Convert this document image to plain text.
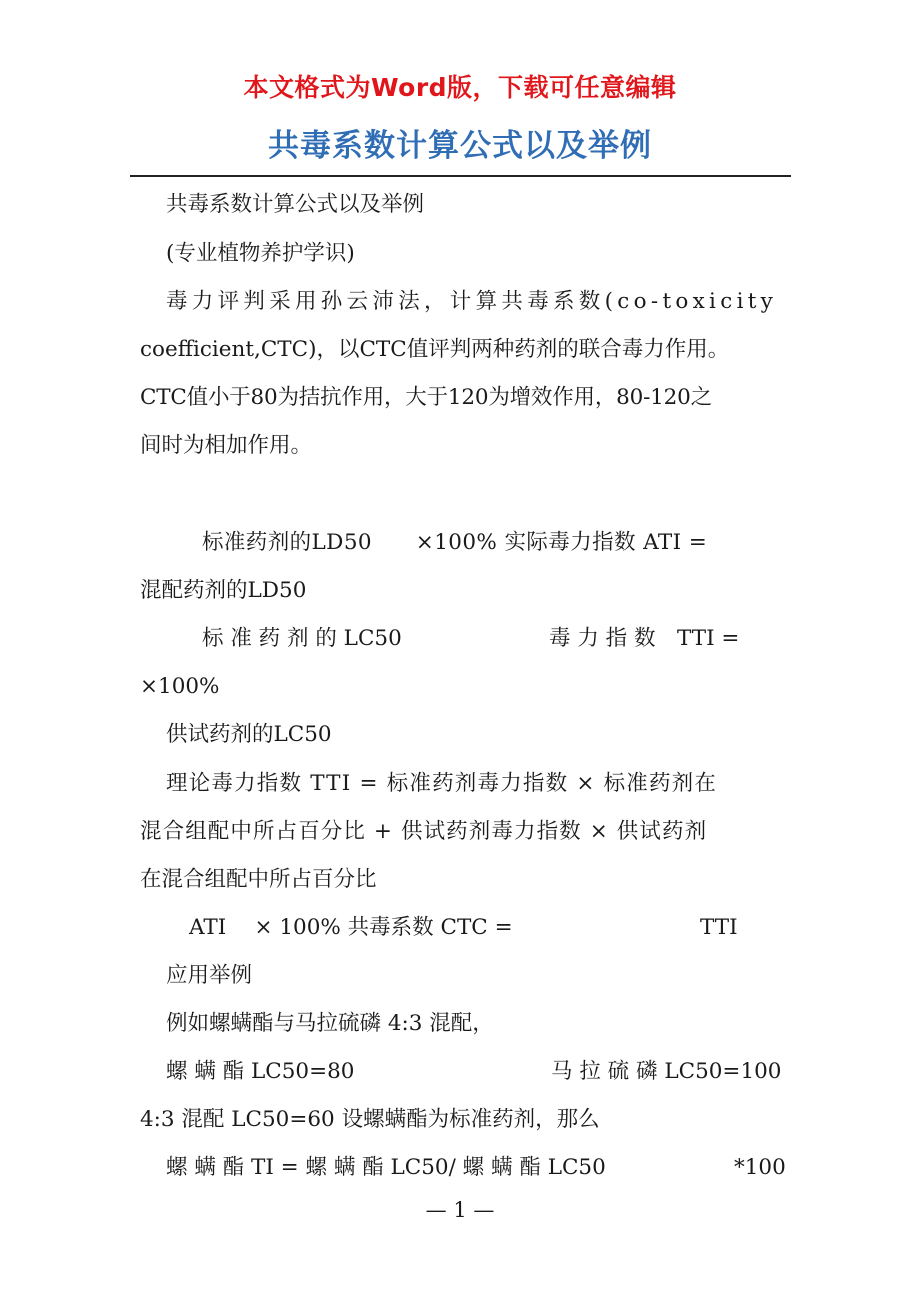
本文格式为Word版，下载可任意编辑
共毒系数计算公式以及举例
共毒系数计算公式以及举例
(专业植物养护学识)
毒力评判采用孙云沛法，计算共毒系数(co-toxicity
coefficient,CTC)，以CTC值评判两种药剂的联合毒力作用。
CTC值小于80为拮抗作用，大于120为增效作用，80-120之
间时为相加作用。
标准药剂的LD50　　×100% 实际毒力指数 ATI =
混配药剂的LD50
标 准 药 剂 的 LC50	毒 力 指 数　TTI =
×100%
供试药剂的LC50
理论毒力指数 TTI = 标准药剂毒力指数 × 标准药剂在
混合组配中所占百分比 + 供试药剂毒力指数 × 供试药剂
在混合组配中所占百分比
ATI　 × 100% 共毒系数 CTC =	TTI
应用举例
例如螺螨酯与马拉硫磷 4:3 混配，
螺 螨 酯 LC50=80	马 拉 硫 磷 LC50=100
4:3 混配 LC50=60 设螺螨酯为标准药剂，那么
螺 螨 酯 TI = 螺 螨 酯 LC50/ 螺 螨 酯 LC50	*100
— 1 —
